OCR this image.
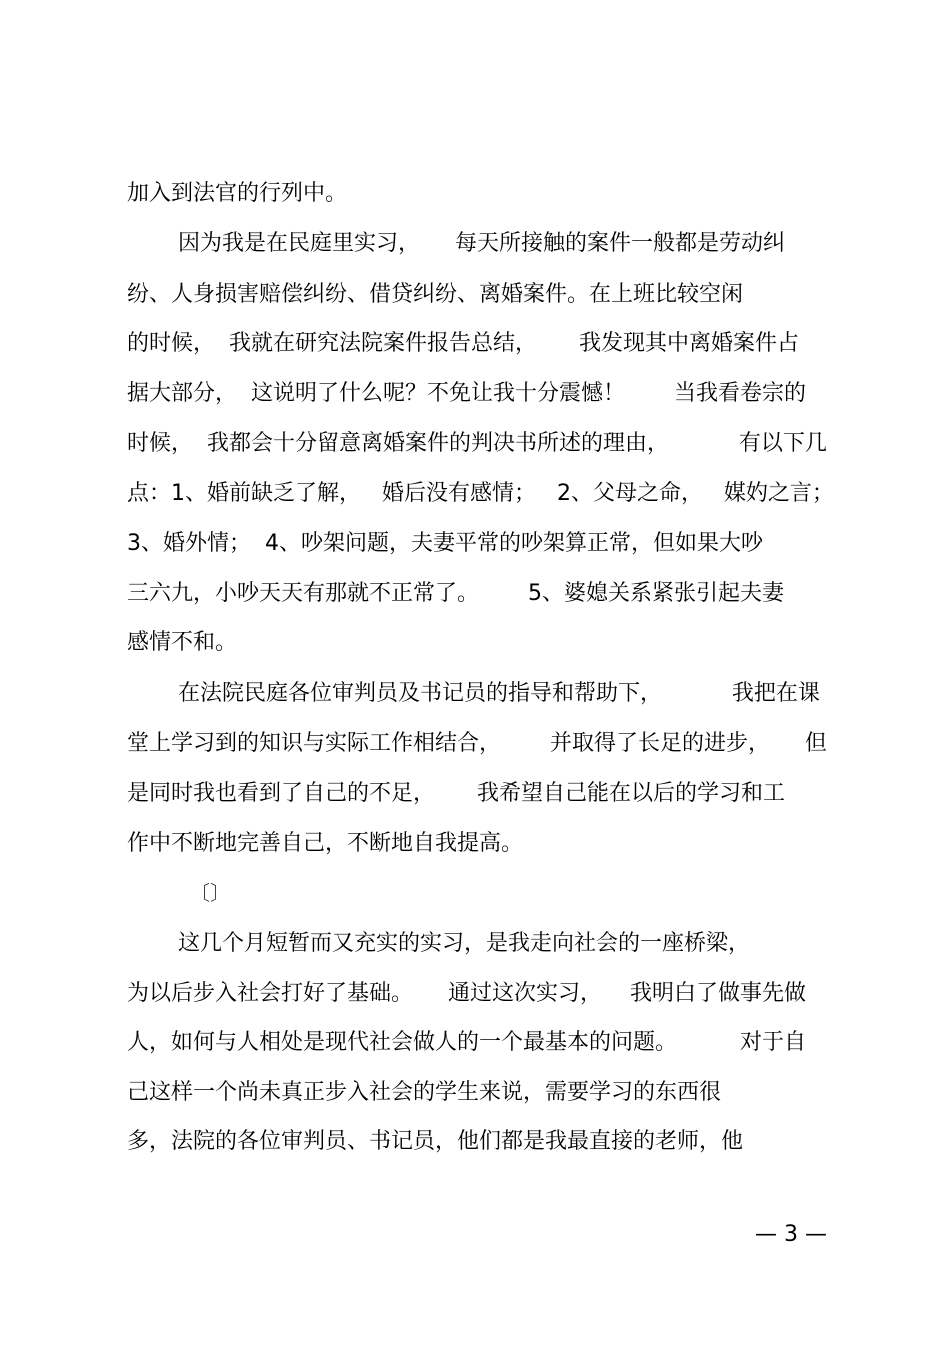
加入到法官的行列中。
因为我是在民庭里实习，     每天所接触的案件一般都是劳动纠
纷、人身损害赔偿纠纷、借贷纠纷、离婚案件。在上班比较空闲
的时候，  我就在研究法院案件报告总结，      我发现其中离婚案件占
据大部分，  这说明了什么呢？不免让我十分震憾！       当我看卷宗的
时候，  我都会十分留意离婚案件的判决书所述的理由，          有以下几
点：1、婚前缺乏了解，   婚后没有感情；   2、父母之命，   媒妁之言；
3、婚外情；  4、吵架问题，夫妻平常的吵架算正常，但如果大吵
三六九，小吵天天有那就不正常了。       5、婆媳关系紧张引起夫妻
感情不和。
在法院民庭各位审判员及书记员的指导和帮助下，          我把在课
堂上学习到的知识与实际工作相结合，       并取得了长足的进步，     但
是同时我也看到了自己的不足，      我希望自己能在以后的学习和工
作中不断地完善自己，不断地自我提高。
〔〕
这几个月短暂而又充实的实习，是我走向社会的一座桥梁，
为以后步入社会打好了基础。     通过这次实习，    我明白了做事先做
人，如何与人相处是现代社会做人的一个最基本的问题。         对于自
己这样一个尚未真正步入社会的学生来说，需要学习的东西很
多，法院的各位审判员、书记员，他们都是我最直接的老师，他
— 3 —
